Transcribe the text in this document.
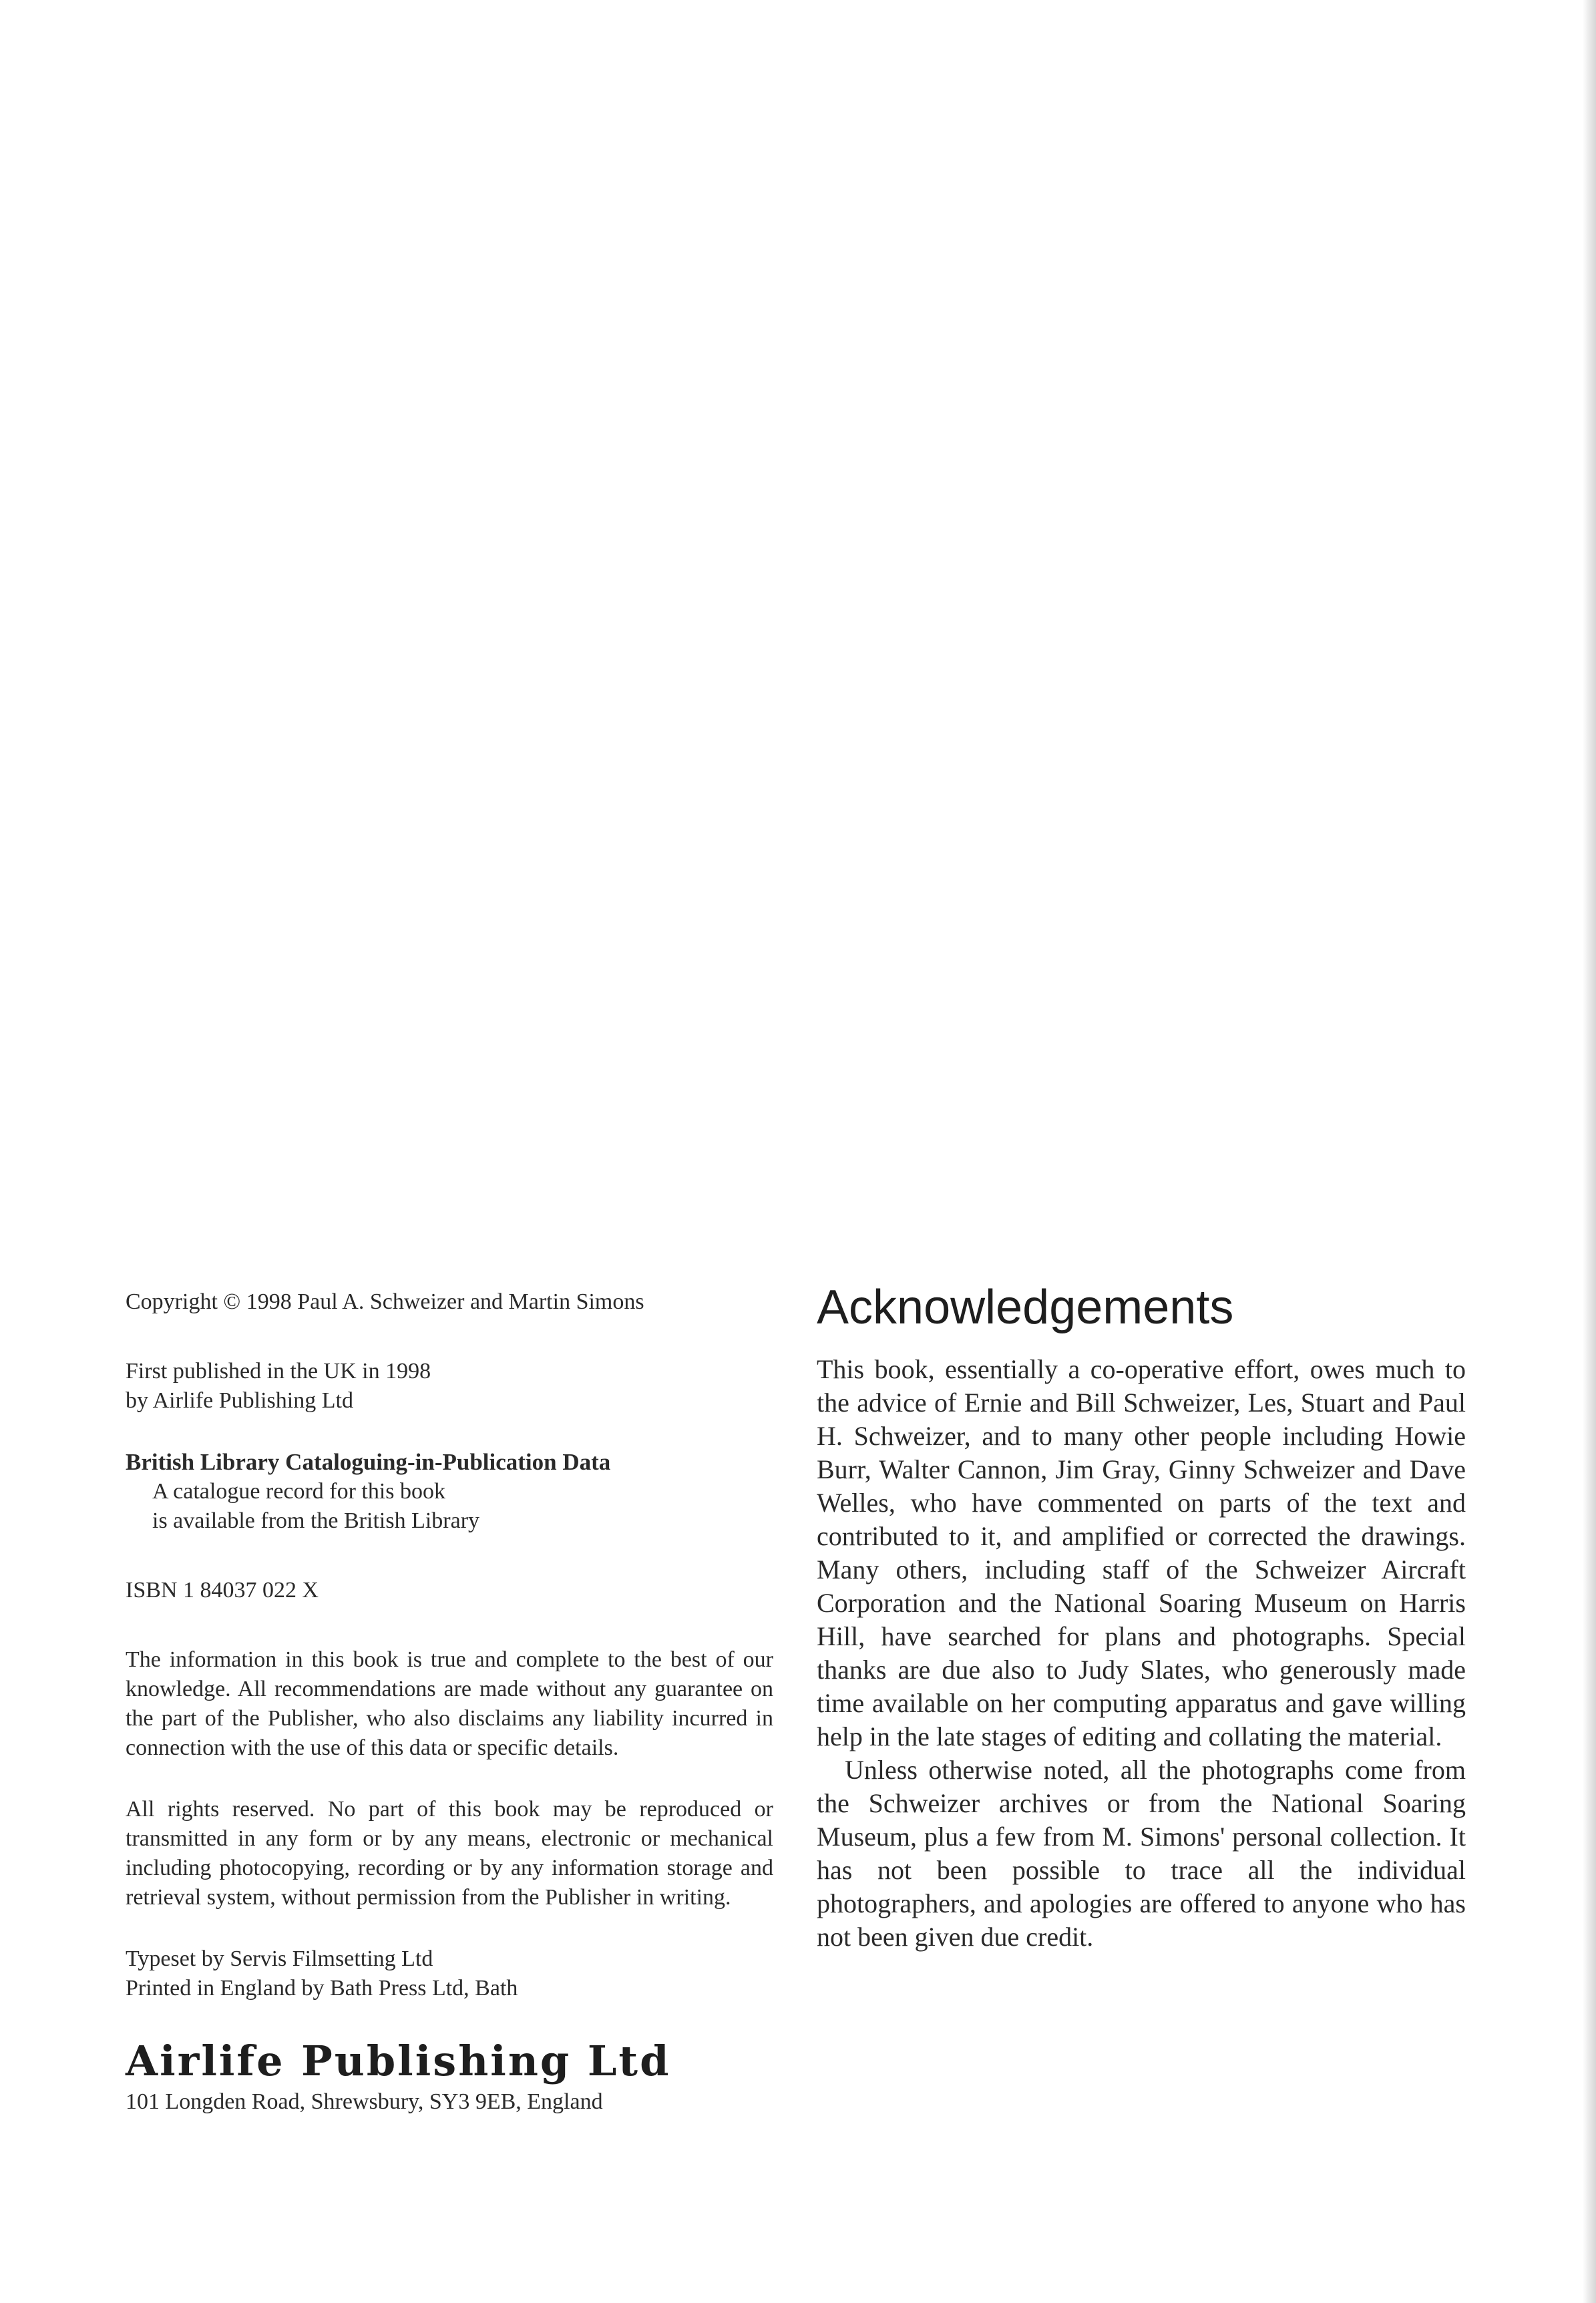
Copyright © 1998 Paul A. Schweizer and Martin Simons

First published in the UK in 1998

by Airlife Publishing Ltd

British Library Cataloguing-in-Publication Data

A catalogue record for this book

is available from the British Library

ISBN 1 84037 022 X

The information in this book is true and complete to the best of our knowledge. All recommendations are made without any guarantee on the part of the Publisher, who also disclaims any liability incurred in connection with the use of this data or specific details.

All rights reserved. No part of this book may be reproduced or transmitted in any form or by any means, electronic or mechanical including photocopying, recording or by any information storage and retrieval system, without permission from the Publisher in writing.

Typeset by Servis Filmsetting Ltd

Printed in England by Bath Press Ltd, Bath

Airlife Publishing Ltd

101 Longden Road, Shrewsbury, SY3 9EB, England

Acknowledgements

This book, essentially a co-operative effort, owes much to the advice of Ernie and Bill Schweizer, Les, Stuart and Paul H. Schweizer, and to many other people including Howie Burr, Walter Cannon, Jim Gray, Ginny Schweizer and Dave Welles, who have commented on parts of the text and contributed to it, and amplified or corrected the drawings. Many others, including staff of the Schweizer Aircraft Corporation and the National Soaring Museum on Harris Hill, have searched for plans and photographs. Special thanks are due also to Judy Slates, who generously made time available on her computing apparatus and gave willing help in the late stages of editing and collating the material.

Unless otherwise noted, all the photographs come from the Schweizer archives or from the National Soaring Museum, plus a few from M. Simons' personal collection. It has not been possible to trace all the individual photographers, and apologies are offered to anyone who has not been given due credit.
